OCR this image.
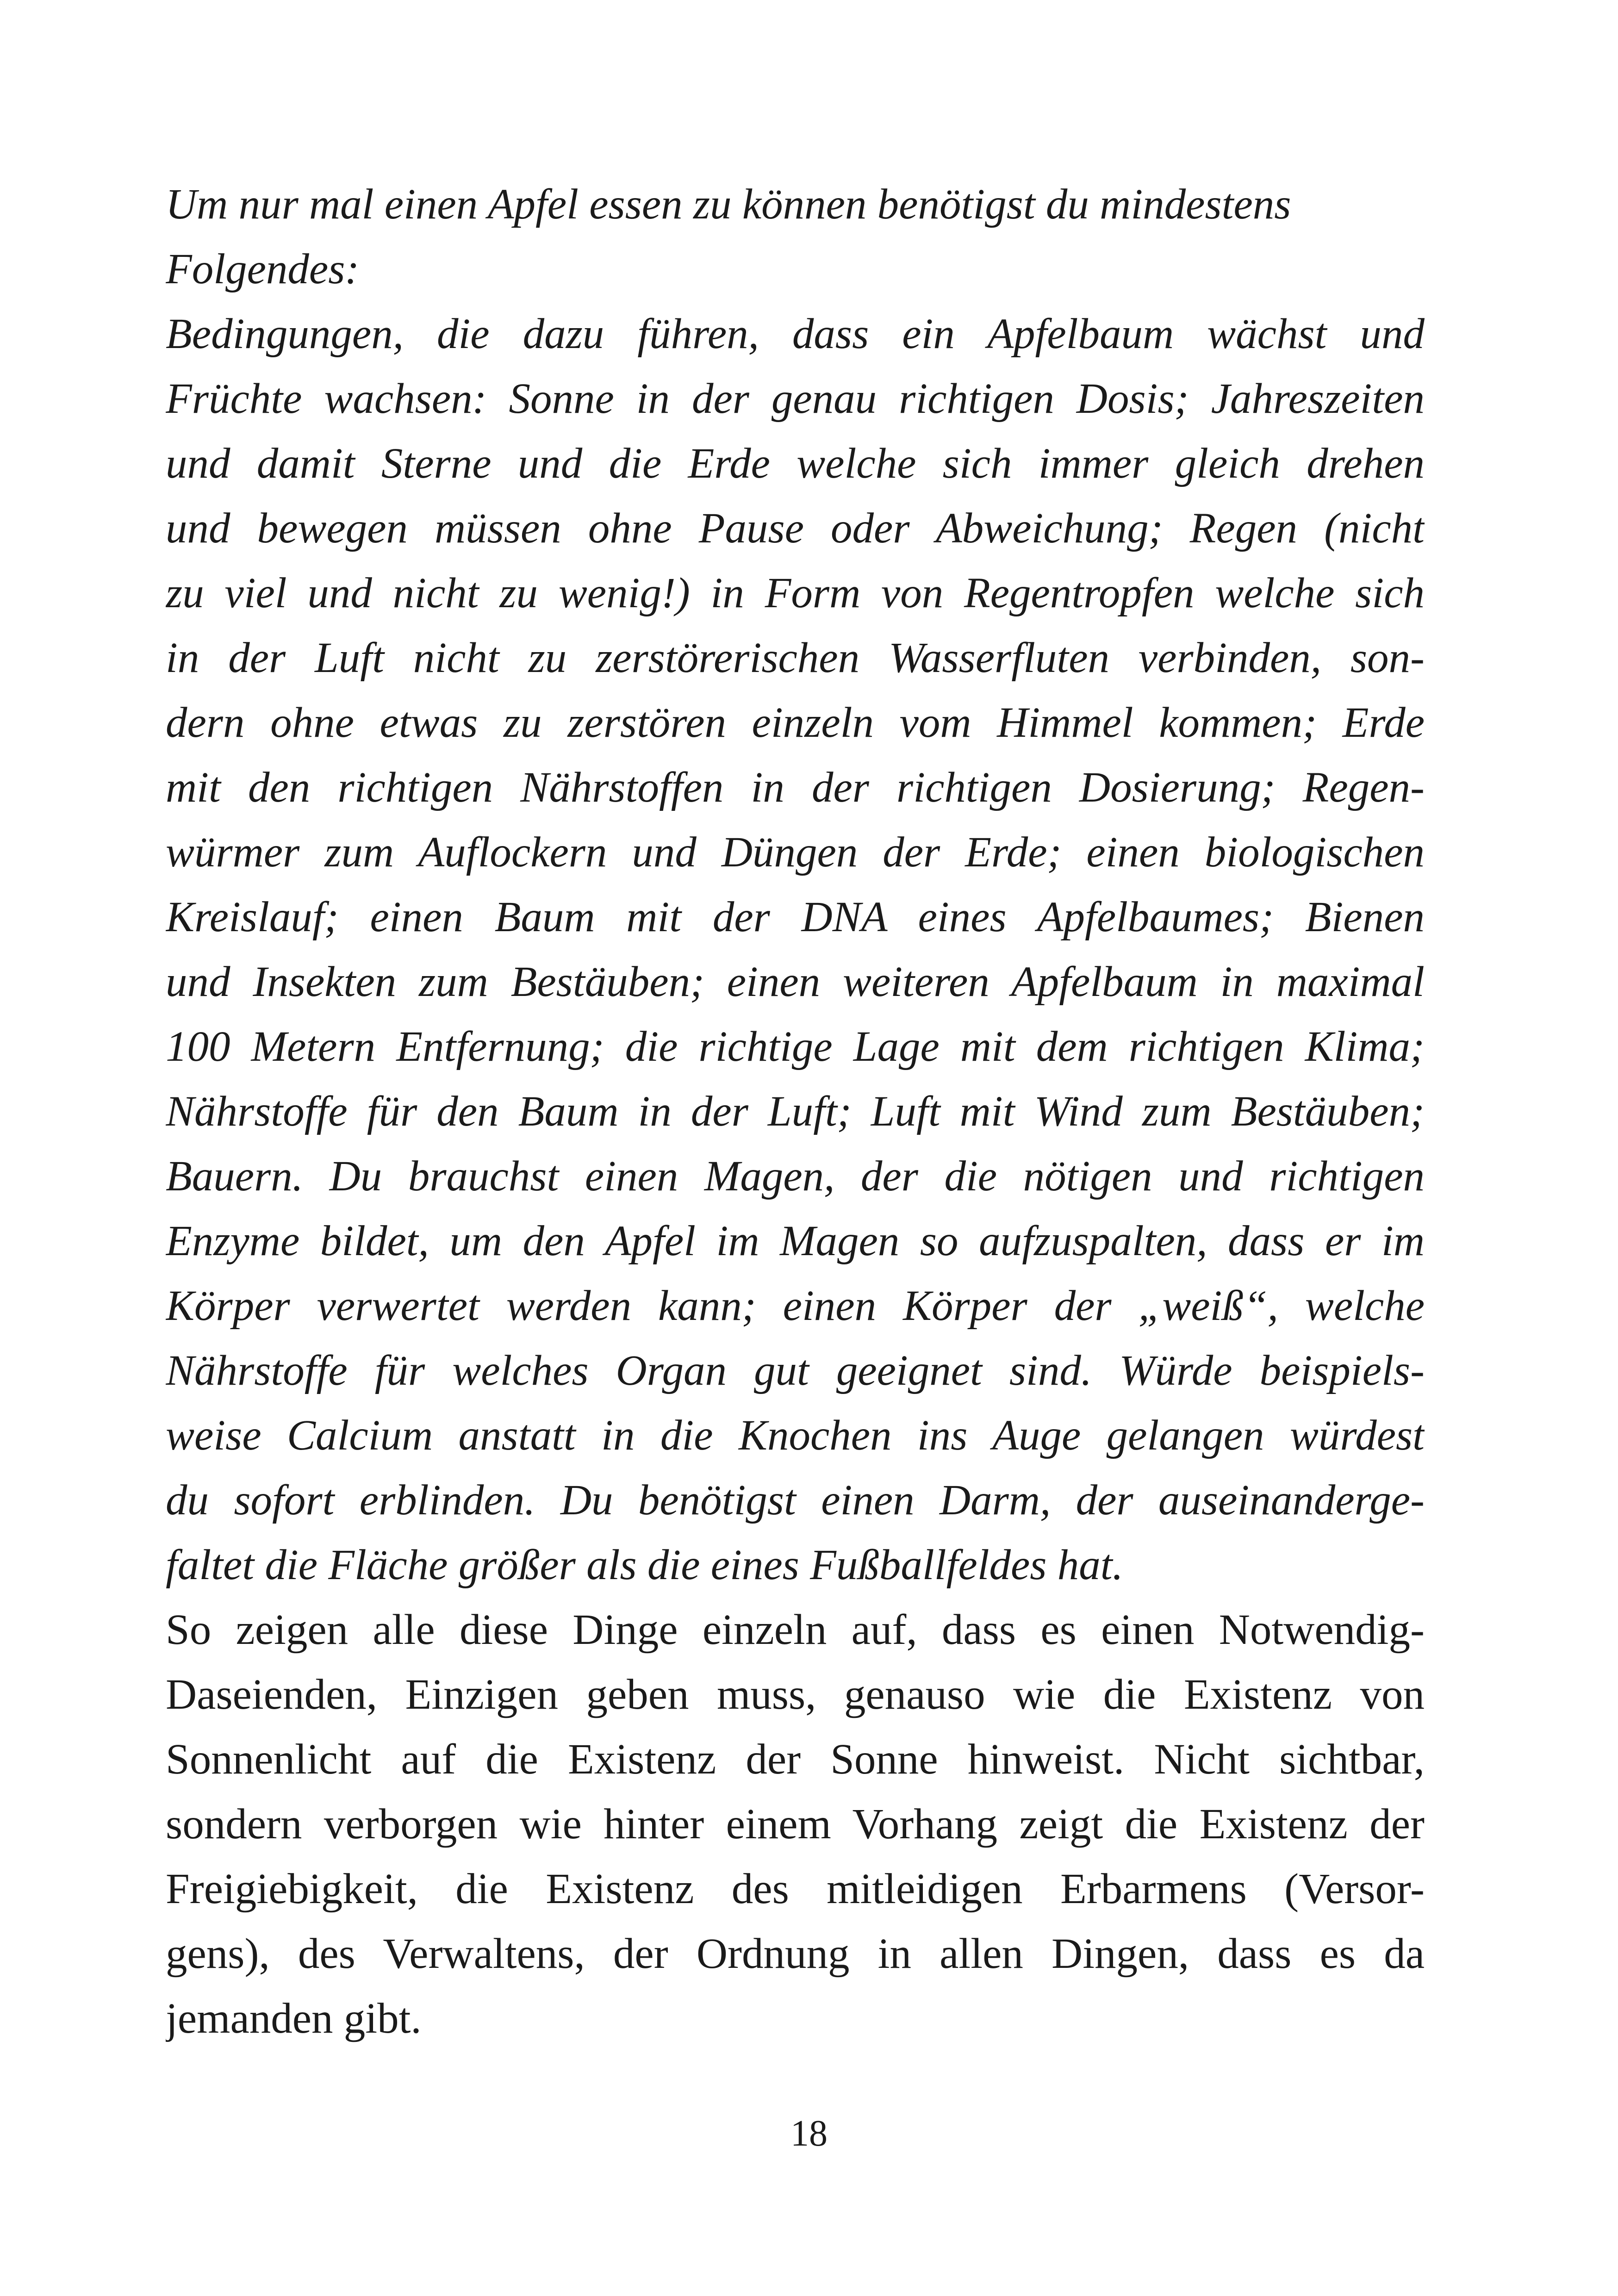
Um nur mal einen Apfel essen zu können benötigst du mindestens
Folgendes:
Bedingungen, die dazu führen, dass ein Apfelbaum wächst und
Früchte wachsen: Sonne in der genau richtigen Dosis; Jahreszeiten
und damit Sterne und die Erde welche sich immer gleich drehen
und bewegen müssen ohne Pause oder Abweichung; Regen (nicht
zu viel und nicht zu wenig!) in Form von Regentropfen welche sich
in der Luft nicht zu zerstörerischen Wasserfluten verbinden, son-
dern ohne etwas zu zerstören einzeln vom Himmel kommen; Erde
mit den richtigen Nährstoffen in der richtigen Dosierung; Regen-
würmer zum Auflockern und Düngen der Erde; einen biologischen
Kreislauf; einen Baum mit der DNA eines Apfelbaumes; Bienen
und Insekten zum Bestäuben; einen weiteren Apfelbaum in maximal
100 Metern Entfernung; die richtige Lage mit dem richtigen Klima;
Nährstoffe für den Baum in der Luft; Luft mit Wind zum Bestäuben;
Bauern. Du brauchst einen Magen, der die nötigen und richtigen
Enzyme bildet, um den Apfel im Magen so aufzuspalten, dass er im
Körper verwertet werden kann; einen Körper der „weiß“, welche
Nährstoffe für welches Organ gut geeignet sind. Würde beispiels-
weise Calcium anstatt in die Knochen ins Auge gelangen würdest
du sofort erblinden. Du benötigst einen Darm, der auseinanderge-
faltet die Fläche größer als die eines Fußballfeldes hat.
So zeigen alle diese Dinge einzeln auf, dass es einen Notwendig-
Daseienden, Einzigen geben muss, genauso wie die Existenz von
Sonnenlicht auf die Existenz der Sonne hinweist. Nicht sichtbar,
sondern verborgen wie hinter einem Vorhang zeigt die Existenz der
Freigiebigkeit, die Existenz des mitleidigen Erbarmens (Versor-
gens), des Verwaltens, der Ordnung in allen Dingen, dass es da
jemanden gibt.
18
